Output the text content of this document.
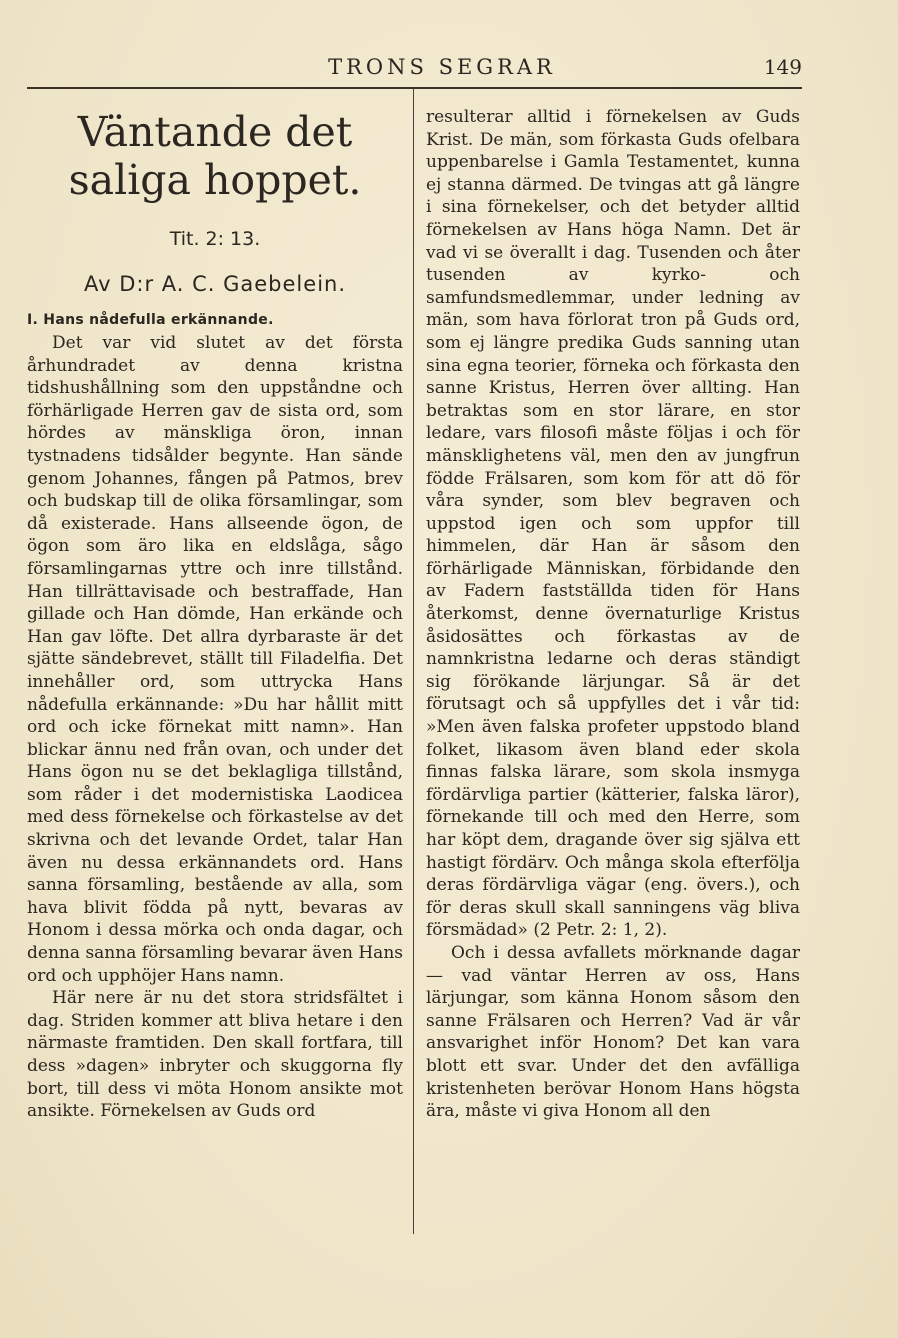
TRONS SEGRAR	149
Väntande det saliga hoppet.
Tit. 2: 13.
Av D:r A. C. Gaebelein.
I. Hans nådefulla erkännande.

Det var vid slutet av det första århundradet av denna kristna tidshushållning som den uppståndne och förhärligade Herren gav de sista ord, som hördes av mänskliga öron, innan tystnadens tidsålder begynte. Han sände genom Johannes, fången på Patmos, brev och budskap till de olika församlingar, som då existerade. Hans allseende ögon, de ögon som äro lika en eldslåga, sågo församlingarnas yttre och inre tillstånd. Han tillrättavisade och bestraffade, Han gillade och Han dömde, Han erkände och Han gav löfte. Det allra dyrbaraste är det sjätte sändebrevet, ställt till Filadelfia. Det innehåller ord, som uttrycka Hans nådefulla erkännande: »Du har hållit mitt ord och icke förnekat mitt namn». Han blickar ännu ned från ovan, och under det Hans ögon nu se det beklagliga tillstånd, som råder i det modernistiska Laodicea med dess förnekelse och förkastelse av det skrivna och det levande Ordet, talar Han även nu dessa erkännandets ord. Hans sanna församling, bestående av alla, som hava blivit födda på nytt, bevaras av Honom i dessa mörka och onda dagar, och denna sanna församling bevarar även Hans ord och upphöjer Hans namn.

Här nere är nu det stora stridsfältet i dag. Striden kommer att bliva hetare i den närmaste framtiden. Den skall fortfara, till dess »dagen» inbryter och skuggorna fly bort, till dess vi möta Honom ansikte mot ansikte. Förnekelsen av Guds ord

resulterar alltid i förnekelsen av Guds Krist. De män, som förkasta Guds ofelbara uppenbarelse i Gamla Testamentet, kunna ej stanna därmed. De tvingas att gå längre i sina förnekelser, och det betyder alltid förnekelsen av Hans höga Namn. Det är vad vi se överallt i dag. Tusenden och åter tusenden av kyrko- och samfundsmedlemmar, under ledning av män, som hava förlorat tron på Guds ord, som ej längre predika Guds sanning utan sina egna teorier, förneka och förkasta den sanne Kristus, Herren över allting. Han betraktas som en stor lärare, en stor ledare, vars filosofi måste följas i och för mänsklighetens väl, men den av jungfrun födde Frälsaren, som kom för att dö för våra synder, som blev begraven och uppstod igen och som uppfor till himmelen, där Han är såsom den förhärligade Människan, förbidande den av Fadern fastställda tiden för Hans återkomst, denne övernaturlige Kristus åsidosättes och förkastas av de namnkristna ledarne och deras ständigt sig förökande lärjungar. Så är det förutsagt och så uppfylles det i vår tid: »Men även falska profeter uppstodo bland folket, likasom även bland eder skola finnas falska lärare, som skola insmyga fördärvliga partier (kätterier, falska läror), förnekande till och med den Herre, som har köpt dem, dragande över sig själva ett hastigt fördärv. Och många skola efterfölja deras fördärvliga vägar (eng. övers.), och för deras skull skall sanningens väg bliva försmädad» (2 Petr. 2: 1, 2).

Och i dessa avfallets mörknande dagar — vad väntar Herren av oss, Hans lärjungar, som känna Honom såsom den sanne Frälsaren och Herren? Vad är vår ansvarighet inför Honom? Det kan vara blott ett svar. Under det den avfälliga kristenheten berövar Honom Hans högsta ära, måste vi giva Honom all den
